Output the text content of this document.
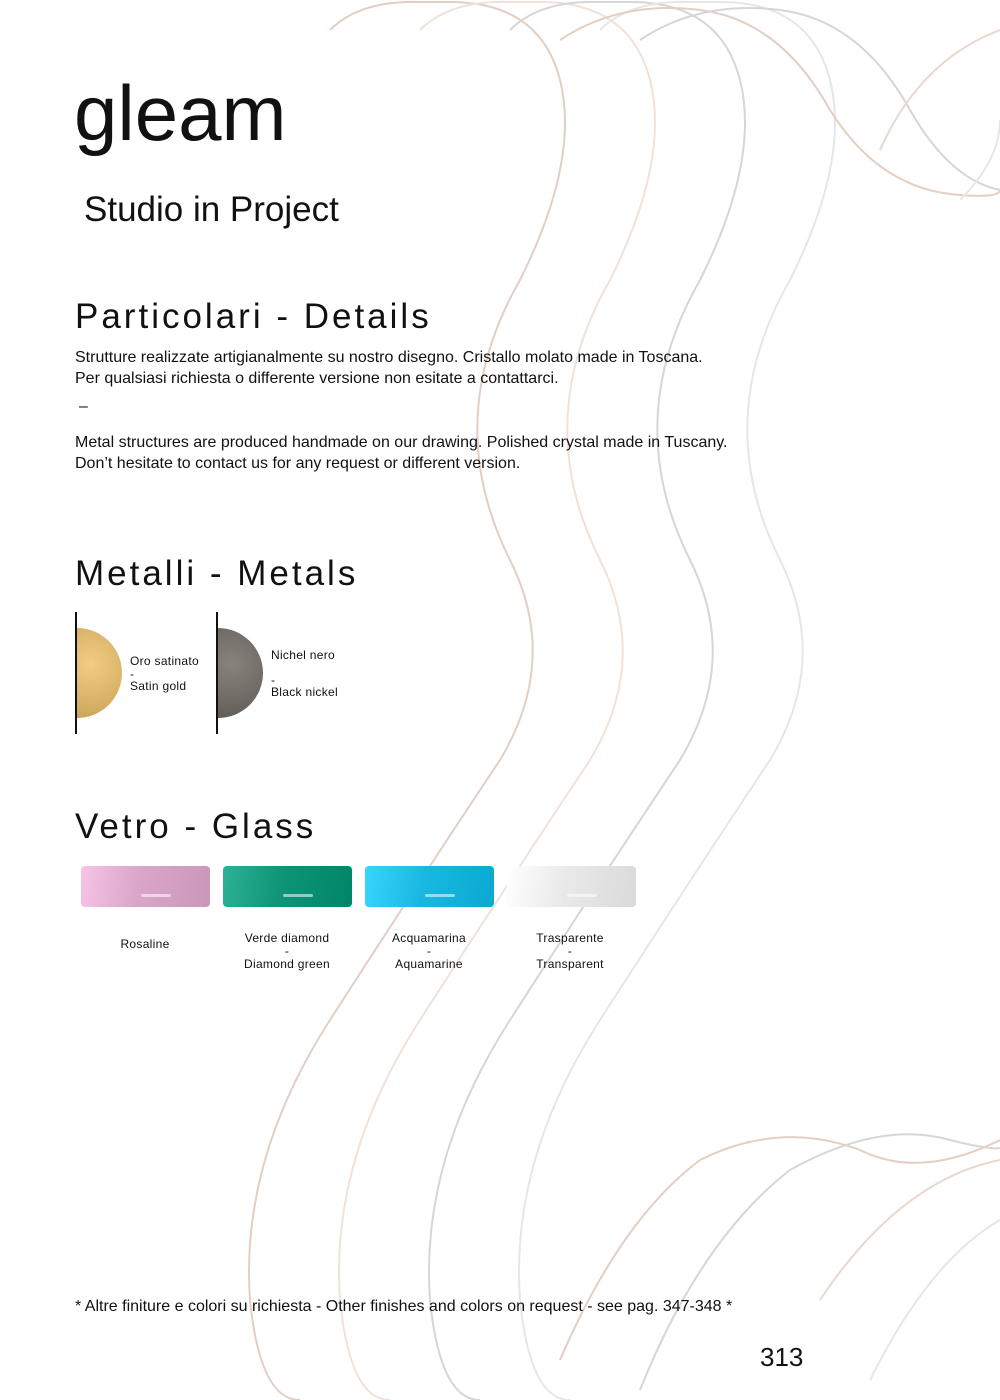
gleam
Studio in Project
Particolari - Details
Strutture realizzate artigianalmente su nostro disegno. Cristallo molato made in Toscana.
Per qualsiasi richiesta o differente versione non esitate a contattarci.
–
Metal structures are produced handmade on our drawing. Polished crystal made in Tuscany.
Don’t hesitate to contact us for any request or different version.
Metalli - Metals
Oro satinato
-
Satin gold
Nichel nero
-
Black nickel
Vetro - Glass
Rosaline	Verde diamond
-
Diamond green
Acquamarina
-
Aquamarine
Trasparente
-
Transparent

* Altre finiture e colori su richiesta - Other finishes and colors on request - see pag. 347-348 *

313
